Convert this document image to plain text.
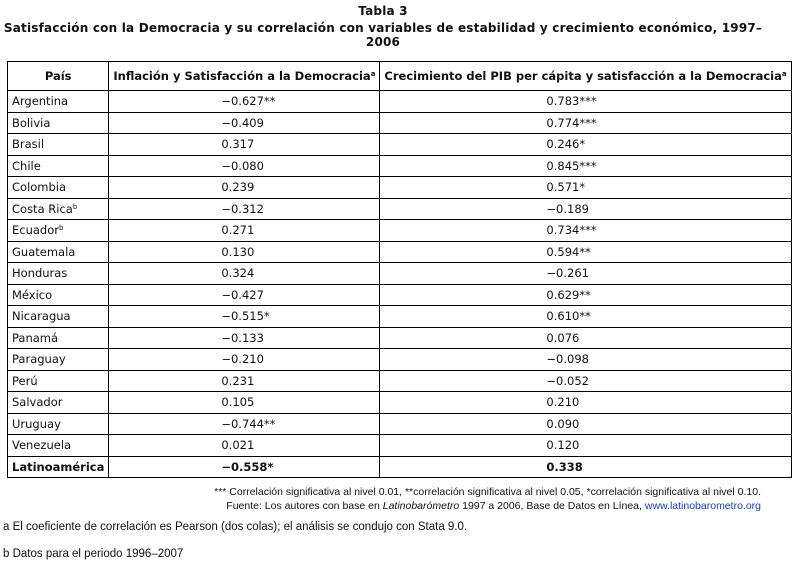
Tabla 3
Satisfacción con la Democracia y su correlación con variables de estabilidad y crecimiento económico, 1997–2006
País	Inflación y Satisfacción a la Democracia$^a$	Crecimiento del PIB per cápita y satisfacción a la Democracia$^a$
Argentina	−0.627**	0.783***
Bolivia	−0.409	0.774***
Brasil	0.317	0.246*
Chile	−0.080	0.845***
Colombia	0.239	0.571*
Costa Rica$^b$	−0.312	−0.189
Ecuador$^b$	0.271	0.734***
Guatemala	0.130	0.594**
Honduras	0.324	−0.261
México	−0.427	0.629**
Nicaragua	−0.515*	0.610**
Panamá	−0.133	0.076
Paraguay	−0.210	−0.098
Perú	0.231	−0.052
Salvador	0.105	0.210
Uruguay	−0.744**	0.090
Venezuela	0.021	0.120
Latinoamérica	−0.558*	0.338
*** Correlación significativa al nivel 0.01, **correlación significativa al nivel 0.05, *correlación significativa al nivel 0.10.
Fuente: Los autores con base en Latinobarómetro 1997 a 2006, Base de Datos en Línea, www.latinobarometro.org
a El coeficiente de correlación es Pearson (dos colas); el análisis se condujo con Stata 9.0.
b Datos para el periodo 1996–2007
